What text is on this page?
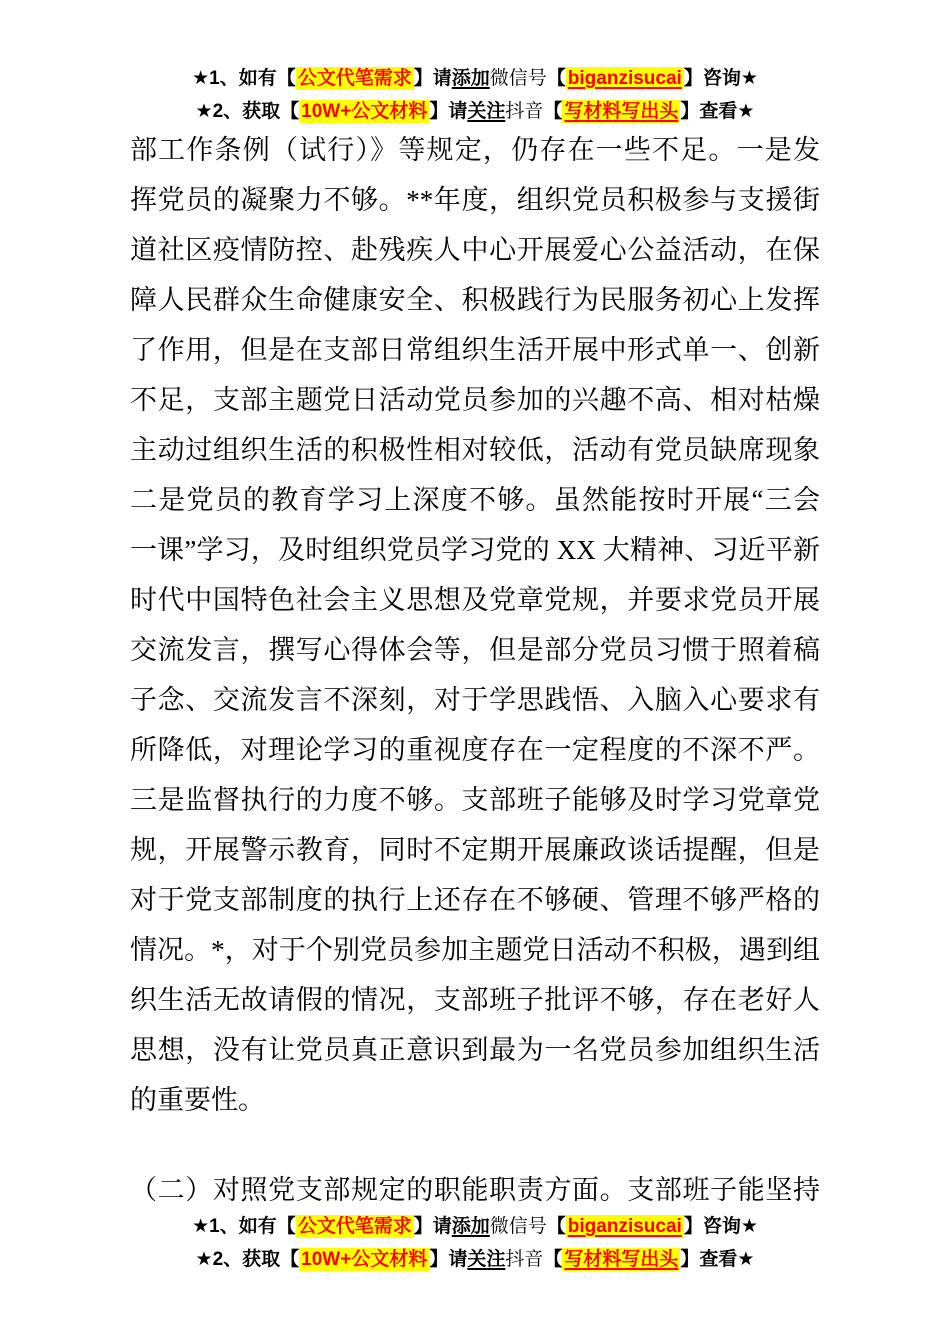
★1、如有【 公文代笔需求 】请添加微信号【 biganzisucai 】咨询★
★2、获取【 10W+公文材料 】请关注抖音【 写材料写出头 】查看★
部工作条例（试行）》等规定，仍存在一些不足。一是发
挥党员的凝聚力不够。**年度，组织党员积极参与支援街
道社区疫情防控、赴残疾人中心开展爱心公益活动，在保
障人民群众生命健康安全、积极践行为民服务初心上发挥
了作用，但是在支部日常组织生活开展中形式单一、创新
不足，支部主题党日活动党员参加的兴趣不高、相对枯燥
主动过组织生活的积极性相对较低，活动有党员缺席现象
二是党员的教育学习上深度不够。虽然能按时开展“三会
一课”学习，及时组织党员学习党的 XX 大精神、习近平新
时代中国特色社会主义思想及党章党规，并要求党员开展
交流发言，撰写心得体会等，但是部分党员习惯于照着稿
子念、交流发言不深刻，对于学思践悟、入脑入心要求有
所降低，对理论学习的重视度存在一定程度的不深不严。
三是监督执行的力度不够。支部班子能够及时学习党章党
规，开展警示教育，同时不定期开展廉政谈话提醒，但是
对于党支部制度的执行上还存在不够硬、管理不够严格的
情况。*，对于个别党员参加主题党日活动不积极，遇到组
织生活无故请假的情况，支部班子批评不够，存在老好人
思想，没有让党员真正意识到最为一名党员参加组织生活
的重要性。
（二）对照党支部规定的职能职责方面。支部班子能坚持
★1、如有【 公文代笔需求 】请添加微信号【 biganzisucai 】咨询★
★2、获取【 10W+公文材料 】请关注抖音【 写材料写出头 】查看★
